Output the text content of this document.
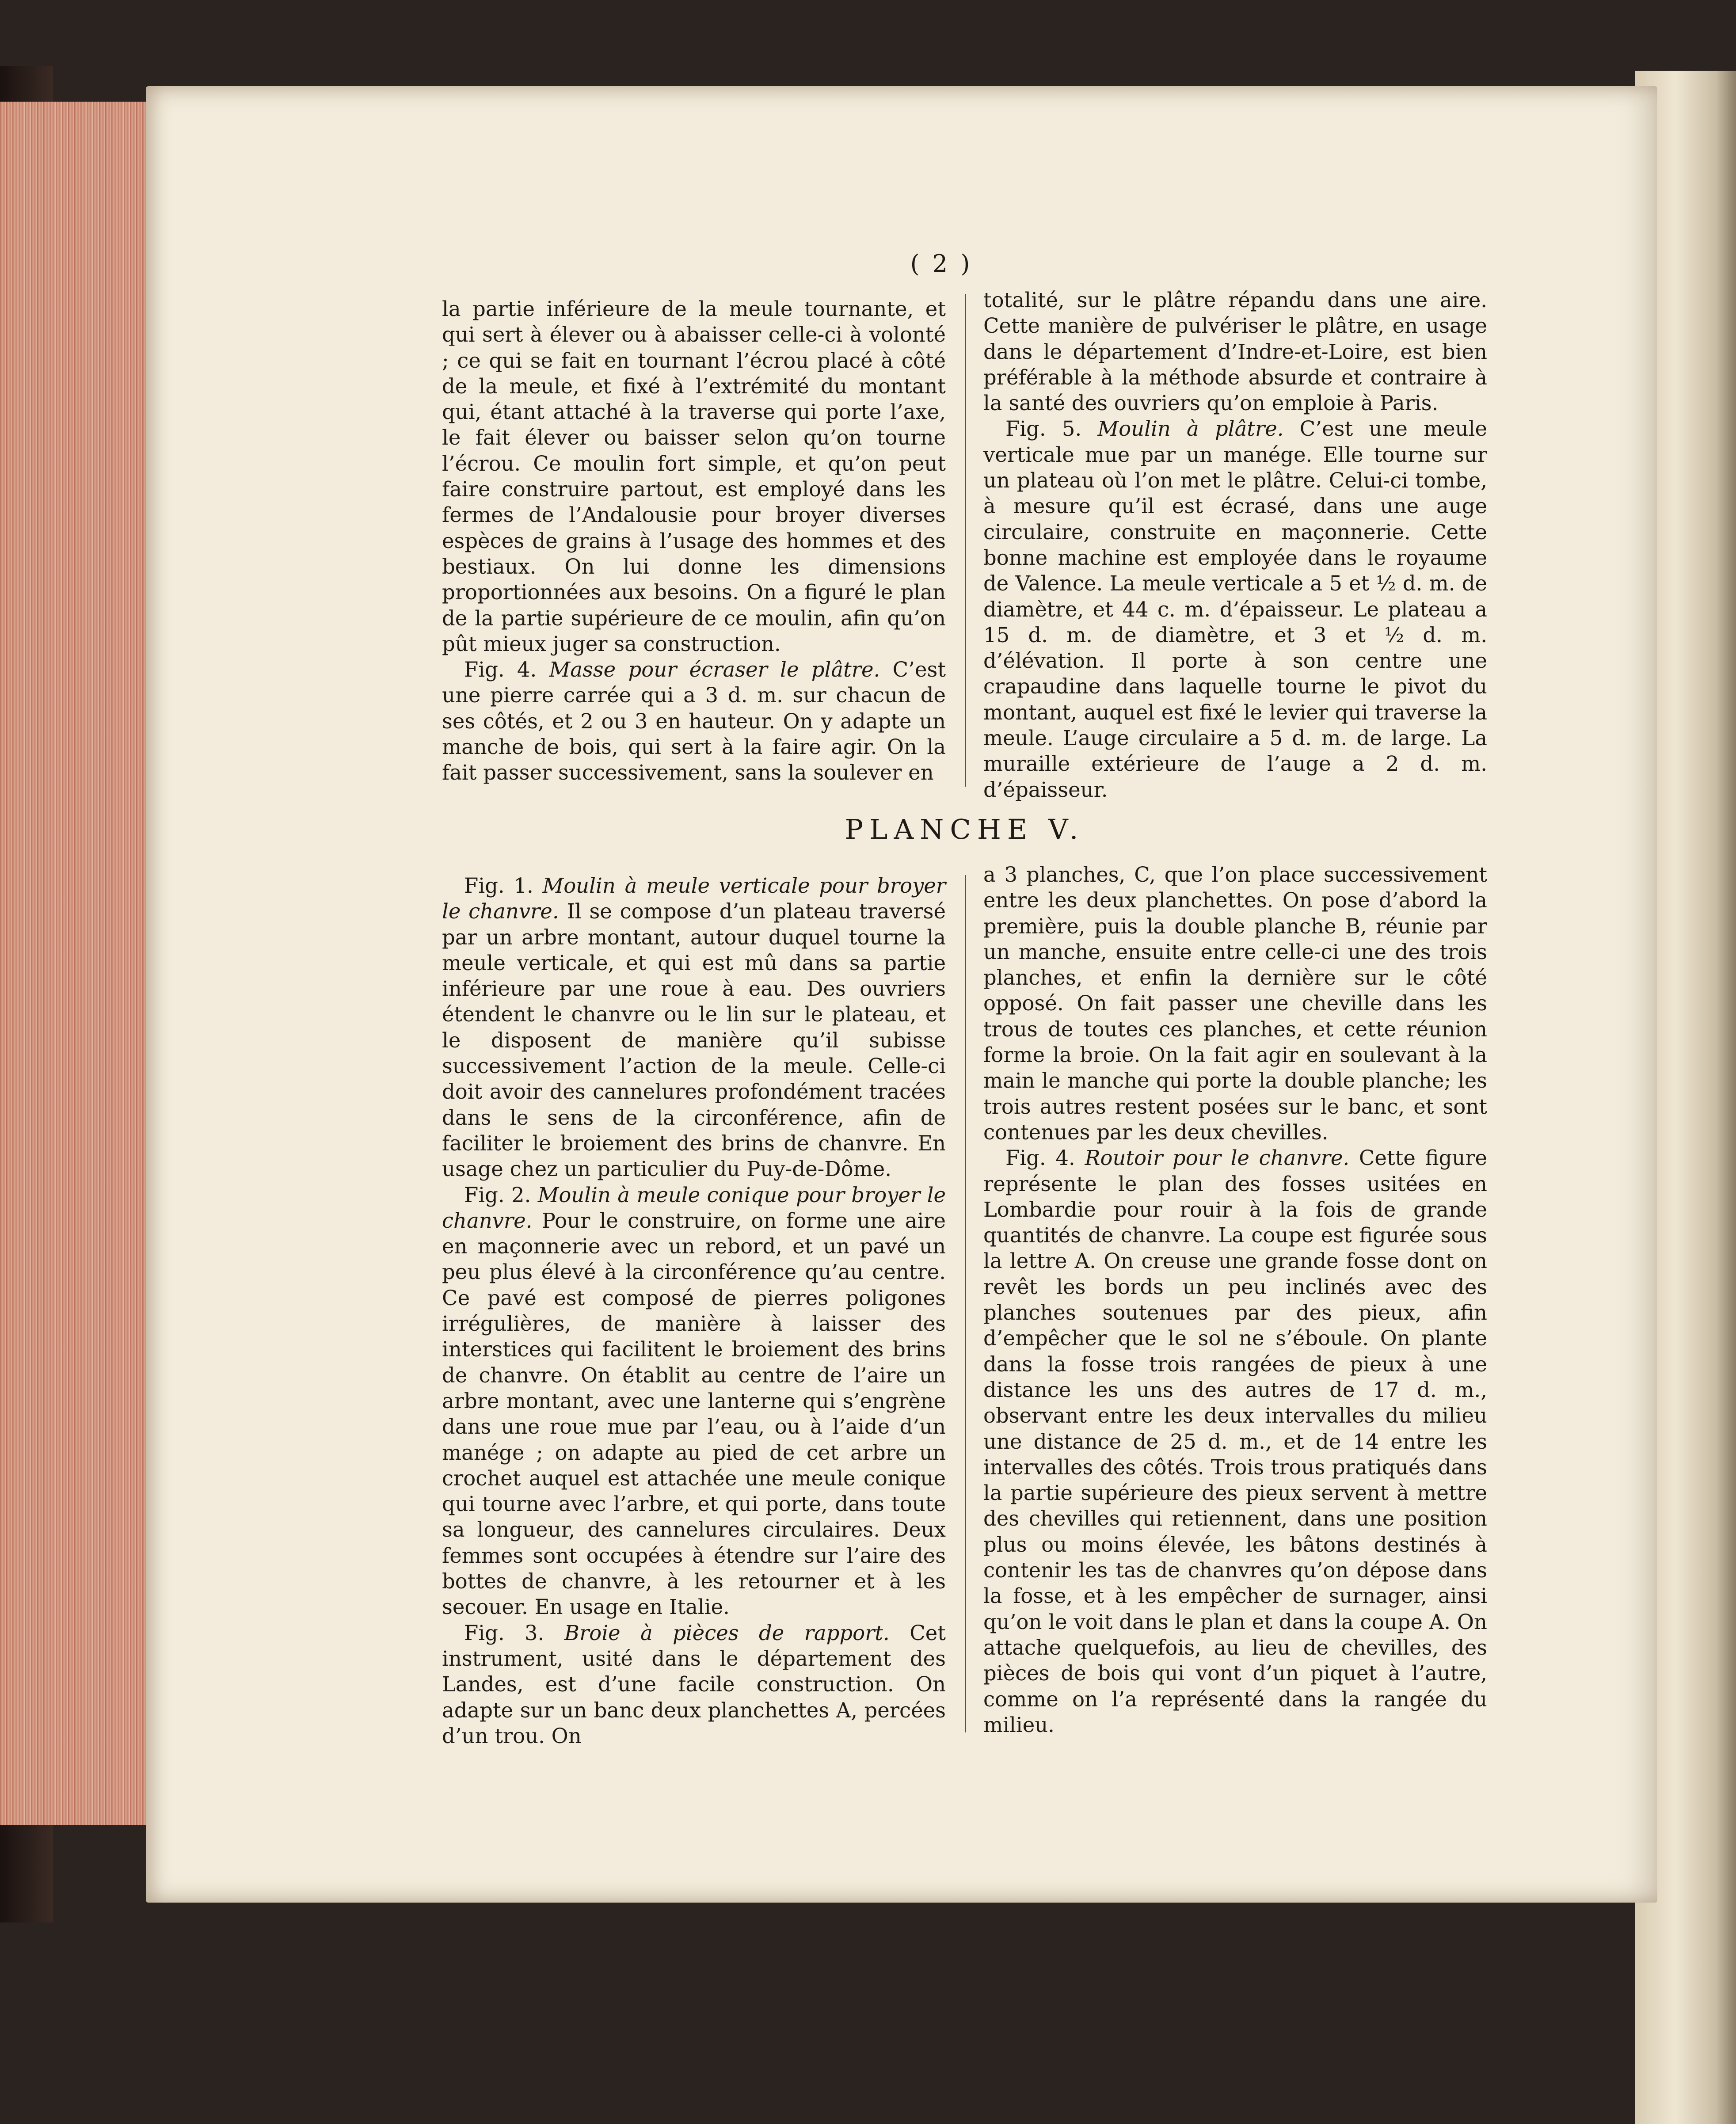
( 2 )

la partie inférieure de la meule tournante, et qui sert à élever ou à abaisser celle-ci à volonté ; ce qui se fait en tournant l’écrou placé à côté de la meule, et fixé à l’extrémité du montant qui, étant attaché à la traverse qui porte l’axe, le fait élever ou baisser selon qu’on tourne l’écrou. Ce moulin fort simple, et qu’on peut faire construire partout, est employé dans les fermes de l’Andalousie pour broyer diverses espèces de grains à l’usage des hommes et des bestiaux. On lui donne les dimensions proportionnées aux besoins. On a figuré le plan de la partie supérieure de ce moulin, afin qu’on pût mieux juger sa construction.

Fig. 4. Masse pour écraser le plâtre. C’est une pierre carrée qui a 3 d. m. sur chacun de ses côtés, et 2 ou 3 en hauteur. On y adapte un manche de bois, qui sert à la faire agir. On la fait passer successivement, sans la soulever en

totalité, sur le plâtre répandu dans une aire. Cette manière de pulvériser le plâtre, en usage dans le département d’Indre-et-Loire, est bien préférable à la méthode absurde et contraire à la santé des ouvriers qu’on emploie à Paris.

Fig. 5. Moulin à plâtre. C’est une meule verticale mue par un manége. Elle tourne sur un plateau où l’on met le plâtre. Celui-ci tombe, à mesure qu’il est écrasé, dans une auge circulaire, construite en maçonnerie. Cette bonne machine est employée dans le royaume de Valence. La meule verticale a 5 et ½ d. m. de diamètre, et 44 c. m. d’épaisseur. Le plateau a 15 d. m. de diamètre, et 3 et ½ d. m. d’élévation. Il porte à son centre une crapaudine dans laquelle tourne le pivot du montant, auquel est fixé le levier qui traverse la meule. L’auge circulaire a 5 d. m. de large. La muraille extérieure de l’auge a 2 d. m. d’épaisseur.

PLANCHE V.

Fig. 1. Moulin à meule verticale pour broyer le chanvre. Il se compose d’un plateau traversé par un arbre montant, autour duquel tourne la meule verticale, et qui est mû dans sa partie inférieure par une roue à eau. Des ouvriers étendent le chanvre ou le lin sur le plateau, et le disposent de manière qu’il subisse successivement l’action de la meule. Celle-ci doit avoir des cannelures profondément tracées dans le sens de la circonférence, afin de faciliter le broiement des brins de chanvre. En usage chez un particulier du Puy-de-Dôme.

Fig. 2. Moulin à meule conique pour broyer le chanvre. Pour le construire, on forme une aire en maçonnerie avec un rebord, et un pavé un peu plus élevé à la circonférence qu’au centre. Ce pavé est composé de pierres poligones irrégulières, de manière à laisser des interstices qui facilitent le broiement des brins de chanvre. On établit au centre de l’aire un arbre montant, avec une lanterne qui s’engrène dans une roue mue par l’eau, ou à l’aide d’un manége ; on adapte au pied de cet arbre un crochet auquel est attachée une meule conique qui tourne avec l’arbre, et qui porte, dans toute sa longueur, des cannelures circulaires. Deux femmes sont occupées à étendre sur l’aire des bottes de chanvre, à les retourner et à les secouer. En usage en Italie.

Fig. 3. Broie à pièces de rapport. Cet instrument, usité dans le département des Landes, est d’une facile construction. On adapte sur un banc deux planchettes A, percées d’un trou. On

a 3 planches, C, que l’on place successivement entre les deux planchettes. On pose d’abord la première, puis la double planche B, réunie par un manche, ensuite entre celle-ci une des trois planches, et enfin la dernière sur le côté opposé. On fait passer une cheville dans les trous de toutes ces planches, et cette réunion forme la broie. On la fait agir en soulevant à la main le manche qui porte la double planche; les trois autres restent posées sur le banc, et sont contenues par les deux chevilles.

Fig. 4. Routoir pour le chanvre. Cette figure représente le plan des fosses usitées en Lombardie pour rouir à la fois de grande quantités de chanvre. La coupe est figurée sous la lettre A. On creuse une grande fosse dont on revêt les bords un peu inclinés avec des planches soutenues par des pieux, afin d’empêcher que le sol ne s’éboule. On plante dans la fosse trois rangées de pieux à une distance les uns des autres de 17 d. m., observant entre les deux intervalles du milieu une distance de 25 d. m., et de 14 entre les intervalles des côtés. Trois trous pratiqués dans la partie supérieure des pieux servent à mettre des chevilles qui retiennent, dans une position plus ou moins élevée, les bâtons destinés à contenir les tas de chanvres qu’on dépose dans la fosse, et à les empêcher de surnager, ainsi qu’on le voit dans le plan et dans la coupe A. On attache quelquefois, au lieu de chevilles, des pièces de bois qui vont d’un piquet à l’autre, comme on l’a représenté dans la rangée du milieu.
